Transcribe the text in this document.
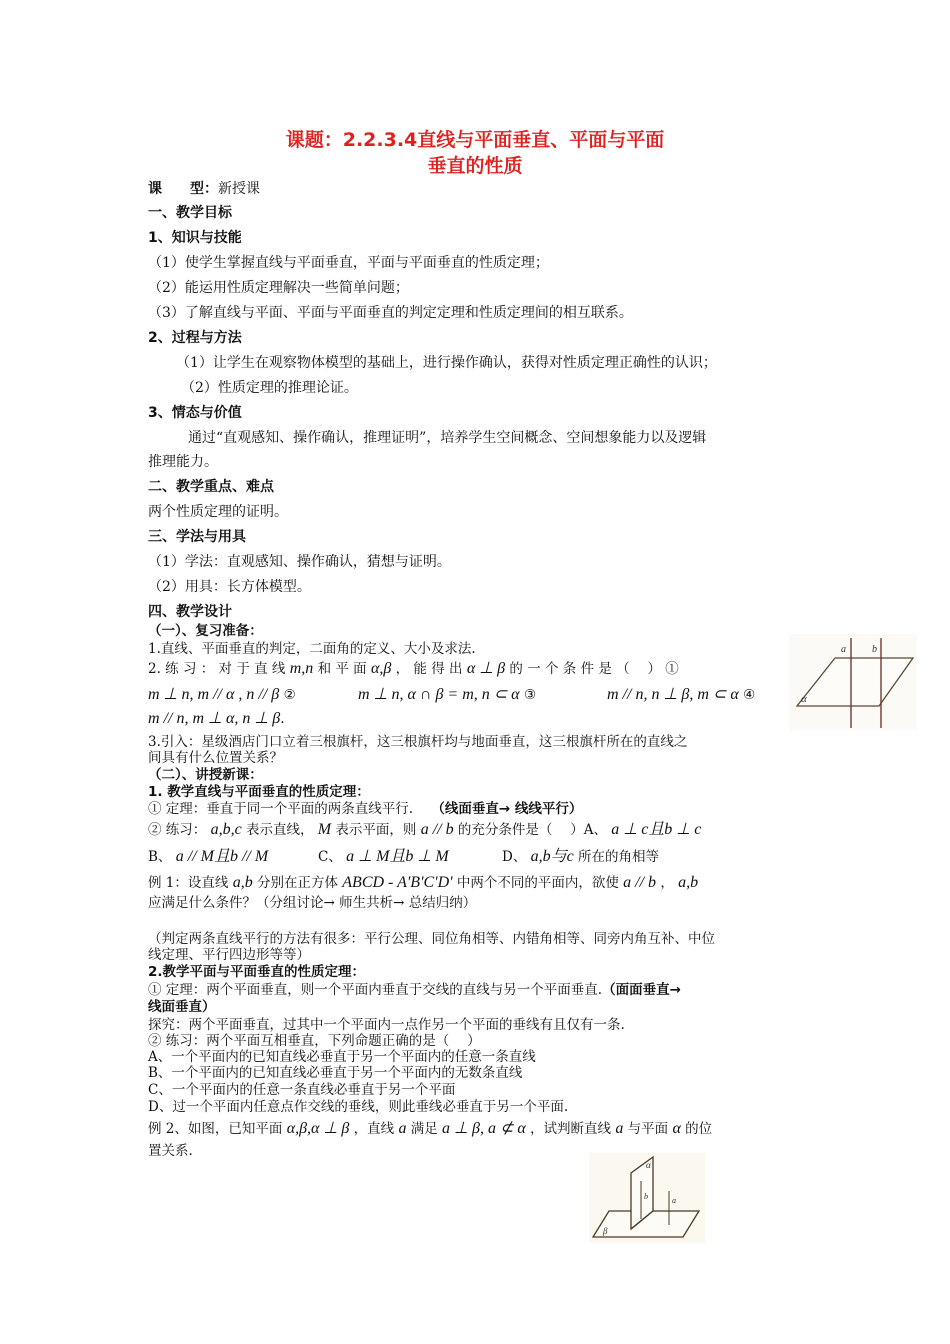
课题：2.2.3.4直线与平面垂直、平面与平面
垂直的性质
课　　型：新授课
一、教学目标
1、知识与技能
（1）使学生掌握直线与平面垂直，平面与平面垂直的性质定理；
（2）能运用性质定理解决一些简单问题；
（3）了解直线与平面、平面与平面垂直的判定定理和性质定理间的相互联系。
2、过程与方法
（1）让学生在观察物体模型的基础上，进行操作确认，获得对性质定理正确性的认识；
（2）性质定理的推理论证。
3、情态与价值
通过“直观感知、操作确认，推理证明”，培养学生空间概念、空间想象能力以及逻辑
推理能力。
二、教学重点、难点
两个性质定理的证明。
三、学法与用具
（1）学法：直观感知、操作确认，猜想与证明。
（2）用具：长方体模型。
四、教学设计
（一）、复习准备：
1.直线、平面垂直的判定，二面角的定义、大小及求法.
2. 练 习 ： 对 于 直 线 m,n 和 平 面 α,β ， 能 得 出 α ⊥ β 的 一 个 条 件 是 （　 ） ①
m ⊥ n, m // α , n // β ②	m ⊥ n, α ∩ β = m, n ⊂ α ③	m // n, n ⊥ β, m ⊂ α ④
m // n, m ⊥ α, n ⊥ β.
3.引入：星级酒店门口立着三根旗杆，这三根旗杆均与地面垂直，这三根旗杆所在的直线之
间具有什么位置关系？
（二）、讲授新课：
1. 教学直线与平面垂直的性质定理：
① 定理：垂直于同一个平面的两条直线平行. （线面垂直→ 线线平行）
② 练习： a,b,c 表示直线， M 表示平面，则 a // b 的充分条件是（　 ）A、 a ⊥ c且b ⊥ c
B、 a // M且b // M	C、 a ⊥ M且b ⊥ M	D、 a,b与c 所在的角相等
例 1：设直线 a,b 分别在正方体 ABCD - A'B'C'D' 中两个不同的平面内，欲使 a // b ， a,b
应满足什么条件？（分组讨论→ 师生共析→ 总结归纳）
（判定两条直线平行的方法有很多：平行公理、同位角相等、内错角相等、同旁内角互补、中位
线定理、平行四边形等等）
2.教学平面与平面垂直的性质定理：
① 定理：两个平面垂直，则一个平面内垂直于交线的直线与另一个平面垂直.（面面垂直→
线面垂直）
探究：两个平面垂直，过其中一个平面内一点作另一个平面的垂线有且仅有一条.
② 练习：两个平面互相垂直，下列命题正确的是（　 ）
A、一个平面内的已知直线必垂直于另一个平面内的任意一条直线
B、一个平面内的已知直线必垂直于另一个平面内的无数条直线
C、一个平面内的任意一条直线必垂直于另一个平面
D、过一个平面内任意点作交线的垂线，则此垂线必垂直于另一个平面.
例 2、如图，已知平面 α,β,α ⊥ β ，直线 a 满足 a ⊥ β, a ⊄ α ，试判断直线 a 与平面 α 的位
置关系.
a	b
α
α
β
b	a
